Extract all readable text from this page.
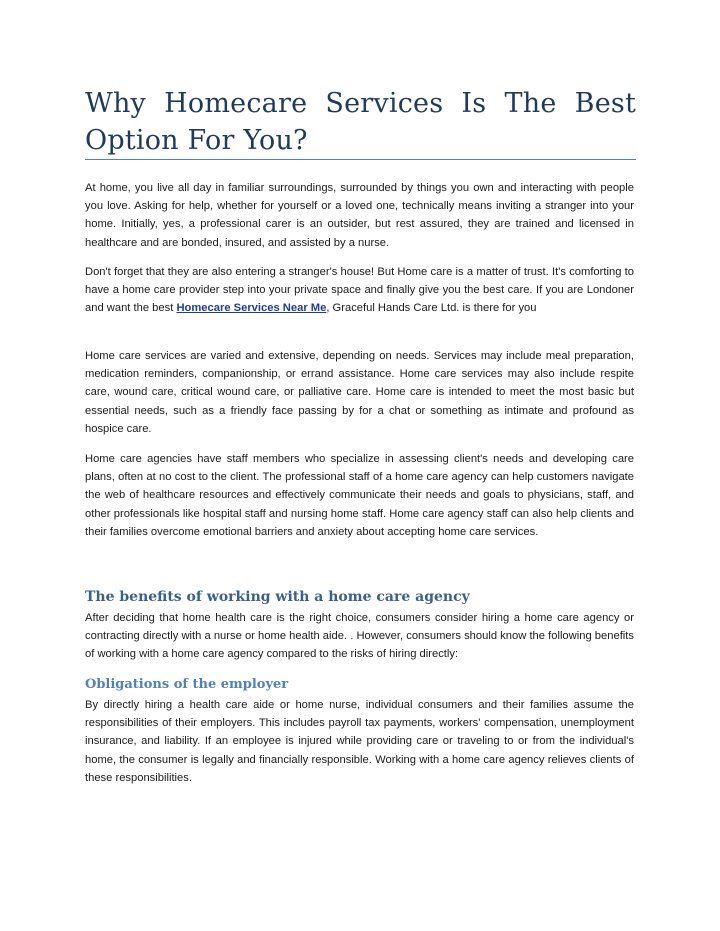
Why Homecare Services Is The Best
Option For You?

At home, you live all day in familiar surroundings, surrounded by things you own and interacting with people you love. Asking for help, whether for yourself or a loved one, technically means inviting a stranger into your home. Initially, yes, a professional carer is an outsider, but rest assured, they are trained and licensed in healthcare and are bonded, insured, and assisted by a nurse.

Don't forget that they are also entering a stranger's house! But Home care is a matter of trust. It's comforting to have a home care provider step into your private space and finally give you the best care. If you are Londoner and want the best Homecare Services Near Me, Graceful Hands Care Ltd. is there for you

Home care services are varied and extensive, depending on needs. Services may include meal preparation, medication reminders, companionship, or errand assistance. Home care services may also include respite care, wound care, critical wound care, or palliative care. Home care is intended to meet the most basic but essential needs, such as a friendly face passing by for a chat or something as intimate and profound as hospice care.

Home care agencies have staff members who specialize in assessing client's needs and developing care plans, often at no cost to the client. The professional staff of a home care agency can help customers navigate the web of healthcare resources and effectively communicate their needs and goals to physicians, staff, and other professionals like hospital staff and nursing home staff. Home care agency staff can also help clients and their families overcome emotional barriers and anxiety about accepting home care services.

The benefits of working with a home care agency

After deciding that home health care is the right choice, consumers consider hiring a home care agency or contracting directly with a nurse or home health aide. . However, consumers should know the following benefits of working with a home care agency compared to the risks of hiring directly:

Obligations of the employer

By directly hiring a health care aide or home nurse, individual consumers and their families assume the responsibilities of their employers. This includes payroll tax payments, workers' compensation, unemployment insurance, and liability. If an employee is injured while providing care or traveling to or from the individual's home, the consumer is legally and financially responsible. Working with a home care agency relieves clients of these responsibilities.
